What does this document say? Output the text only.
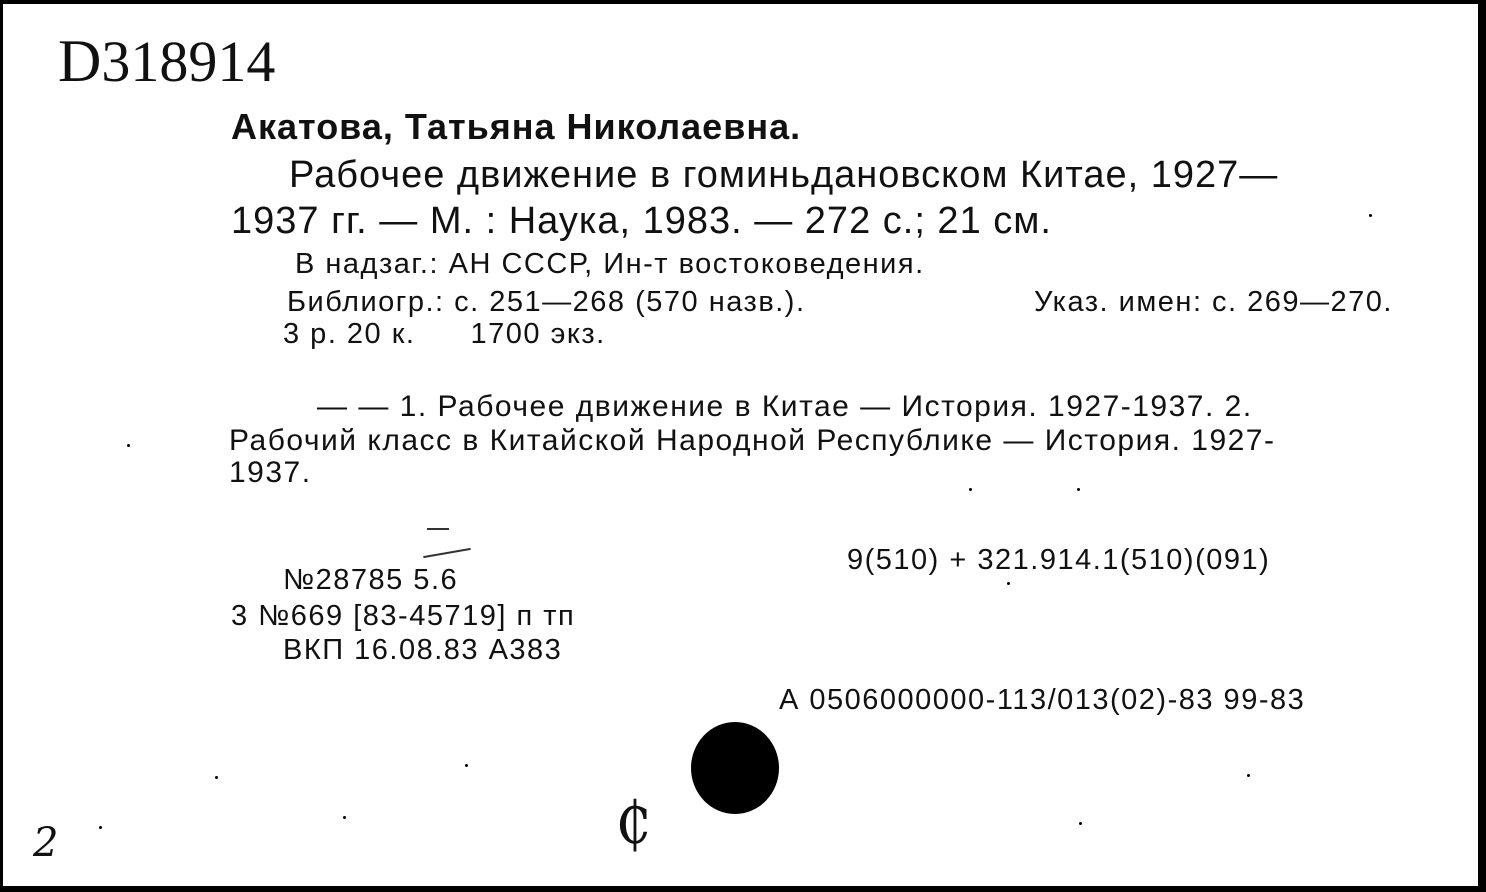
D318914
Акатова, Татьяна Николаевна.
Рабочее движение в гоминьдановском Китае, 1927—
1937 гг. — М. : Наука, 1983. — 272 с.; 21 см.
В надзаг.: АН СССР, Ин-т востоковедения.
Библиогр.: с. 251—268 (570 назв.).	Указ. имен: с. 269—270.
3 р. 20 к. 1700 экз.
— — 1. Рабочее движение в Китае — История. 1927-1937. 2.
Рабочий класс в Китайской Народной Республике — История. 1927-
1937.
9(510) + 321.914.1(510)(091)
№28785 5.6
3 №669 [83-45719] п тп
ВКП 16.08.83 А383
А 0506000000-113/013(02)-83 99-83
₵
2
